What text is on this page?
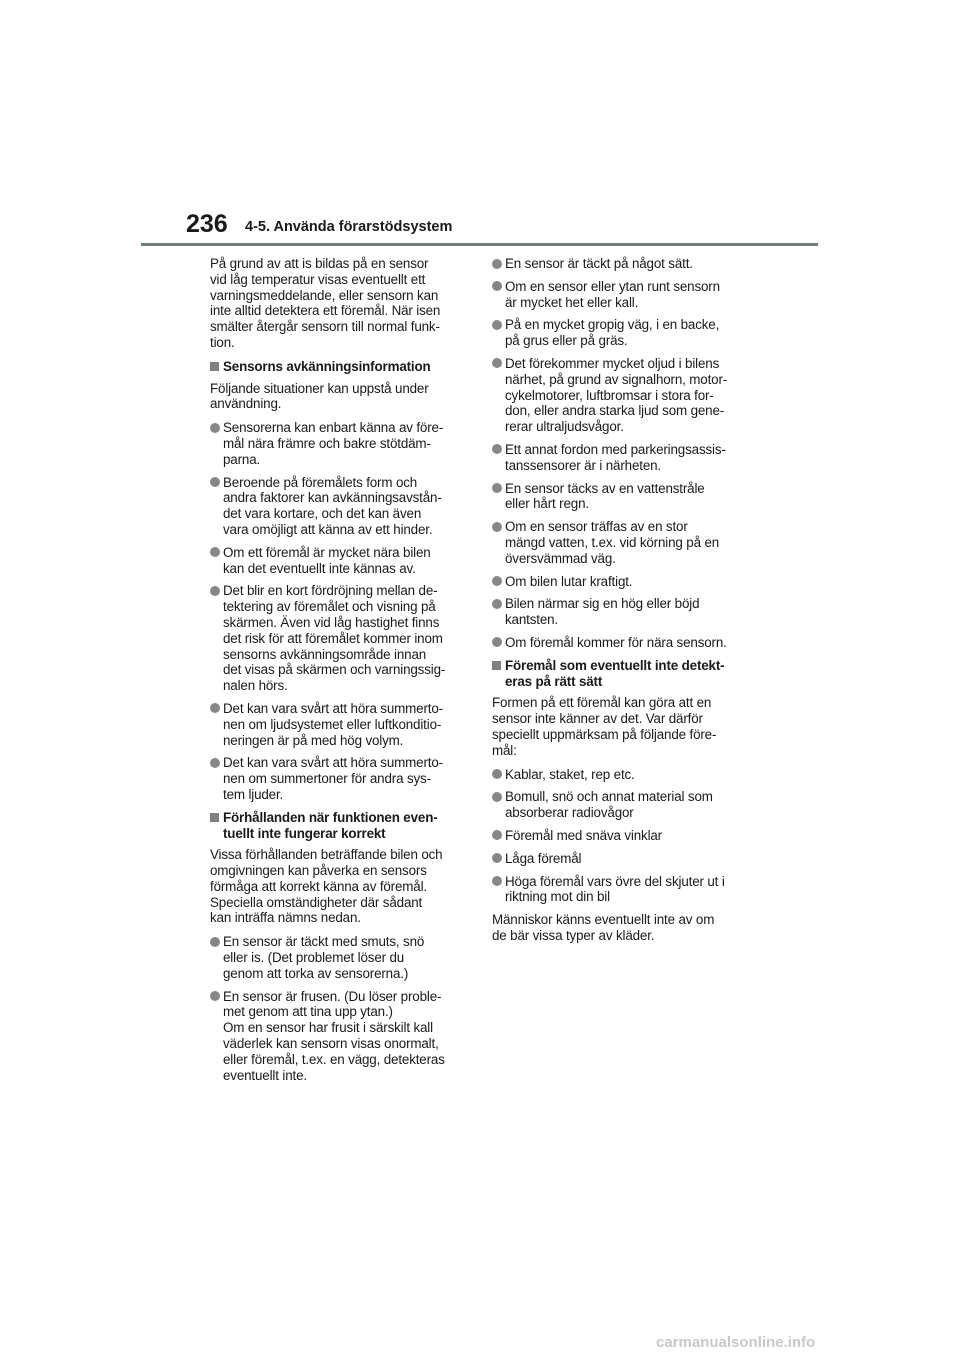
236 4-5. Använda förarstödsystem

På grund av att is bildas på en sensor
vid låg temperatur visas eventuellt ett
varningsmeddelande, eller sensorn kan
inte alltid detektera ett föremål. När isen
smälter återgår sensorn till normal funk-
tion.

Sensorns avkänningsinformation

Följande situationer kan uppstå under
användning.

Sensorerna kan enbart känna av före-
mål nära främre och bakre stötdäm-
parna.
Beroende på föremålets form och
andra faktorer kan avkänningsavstån-
det vara kortare, och det kan även
vara omöjligt att känna av ett hinder.
Om ett föremål är mycket nära bilen
kan det eventuellt inte kännas av.
Det blir en kort fördröjning mellan de-
tektering av föremålet och visning på
skärmen. Även vid låg hastighet finns
det risk för att föremålet kommer inom
sensorns avkänningsområde innan
det visas på skärmen och varningssig-
nalen hörs.
Det kan vara svårt att höra summerto-
nen om ljudsystemet eller luftkonditio-
neringen är på med hög volym.
Det kan vara svårt att höra summerto-
nen om summertoner för andra sys-
tem ljuder.
Förhållanden när funktionen even-
tuellt inte fungerar korrekt

Vissa förhållanden beträffande bilen och
omgivningen kan påverka en sensors
förmåga att korrekt känna av föremål.
Speciella omständigheter där sådant
kan inträffa nämns nedan.

En sensor är täckt med smuts, snö
eller is. (Det problemet löser du
genom att torka av sensorerna.)
En sensor är frusen. (Du löser proble-
met genom att tina upp ytan.)
Om en sensor har frusit i särskilt kall
väderlek kan sensorn visas onormalt,
eller föremål, t.ex. en vägg, detekteras
eventuellt inte.
En sensor är täckt på något sätt.
Om en sensor eller ytan runt sensorn
är mycket het eller kall.
På en mycket gropig väg, i en backe,
på grus eller på gräs.
Det förekommer mycket oljud i bilens
närhet, på grund av signalhorn, motor-
cykelmotorer, luftbromsar i stora for-
don, eller andra starka ljud som gene-
rerar ultraljudsvågor.
Ett annat fordon med parkeringsassis-
tanssensorer är i närheten.
En sensor täcks av en vattenstråle
eller hårt regn.
Om en sensor träffas av en stor
mängd vatten, t.ex. vid körning på en
översvämmad väg.
Om bilen lutar kraftigt.
Bilen närmar sig en hög eller böjd
kantsten.
Om föremål kommer för nära sensorn.
Föremål som eventuellt inte detekt-
eras på rätt sätt

Formen på ett föremål kan göra att en
sensor inte känner av det. Var därför
speciellt uppmärksam på följande före-
mål:

Kablar, staket, rep etc.
Bomull, snö och annat material som
absorberar radiovågor
Föremål med snäva vinklar
Låga föremål
Höga föremål vars övre del skjuter ut i
riktning mot din bil

Människor känns eventuellt inte av om
de bär vissa typer av kläder.

carmanualsonline.info
